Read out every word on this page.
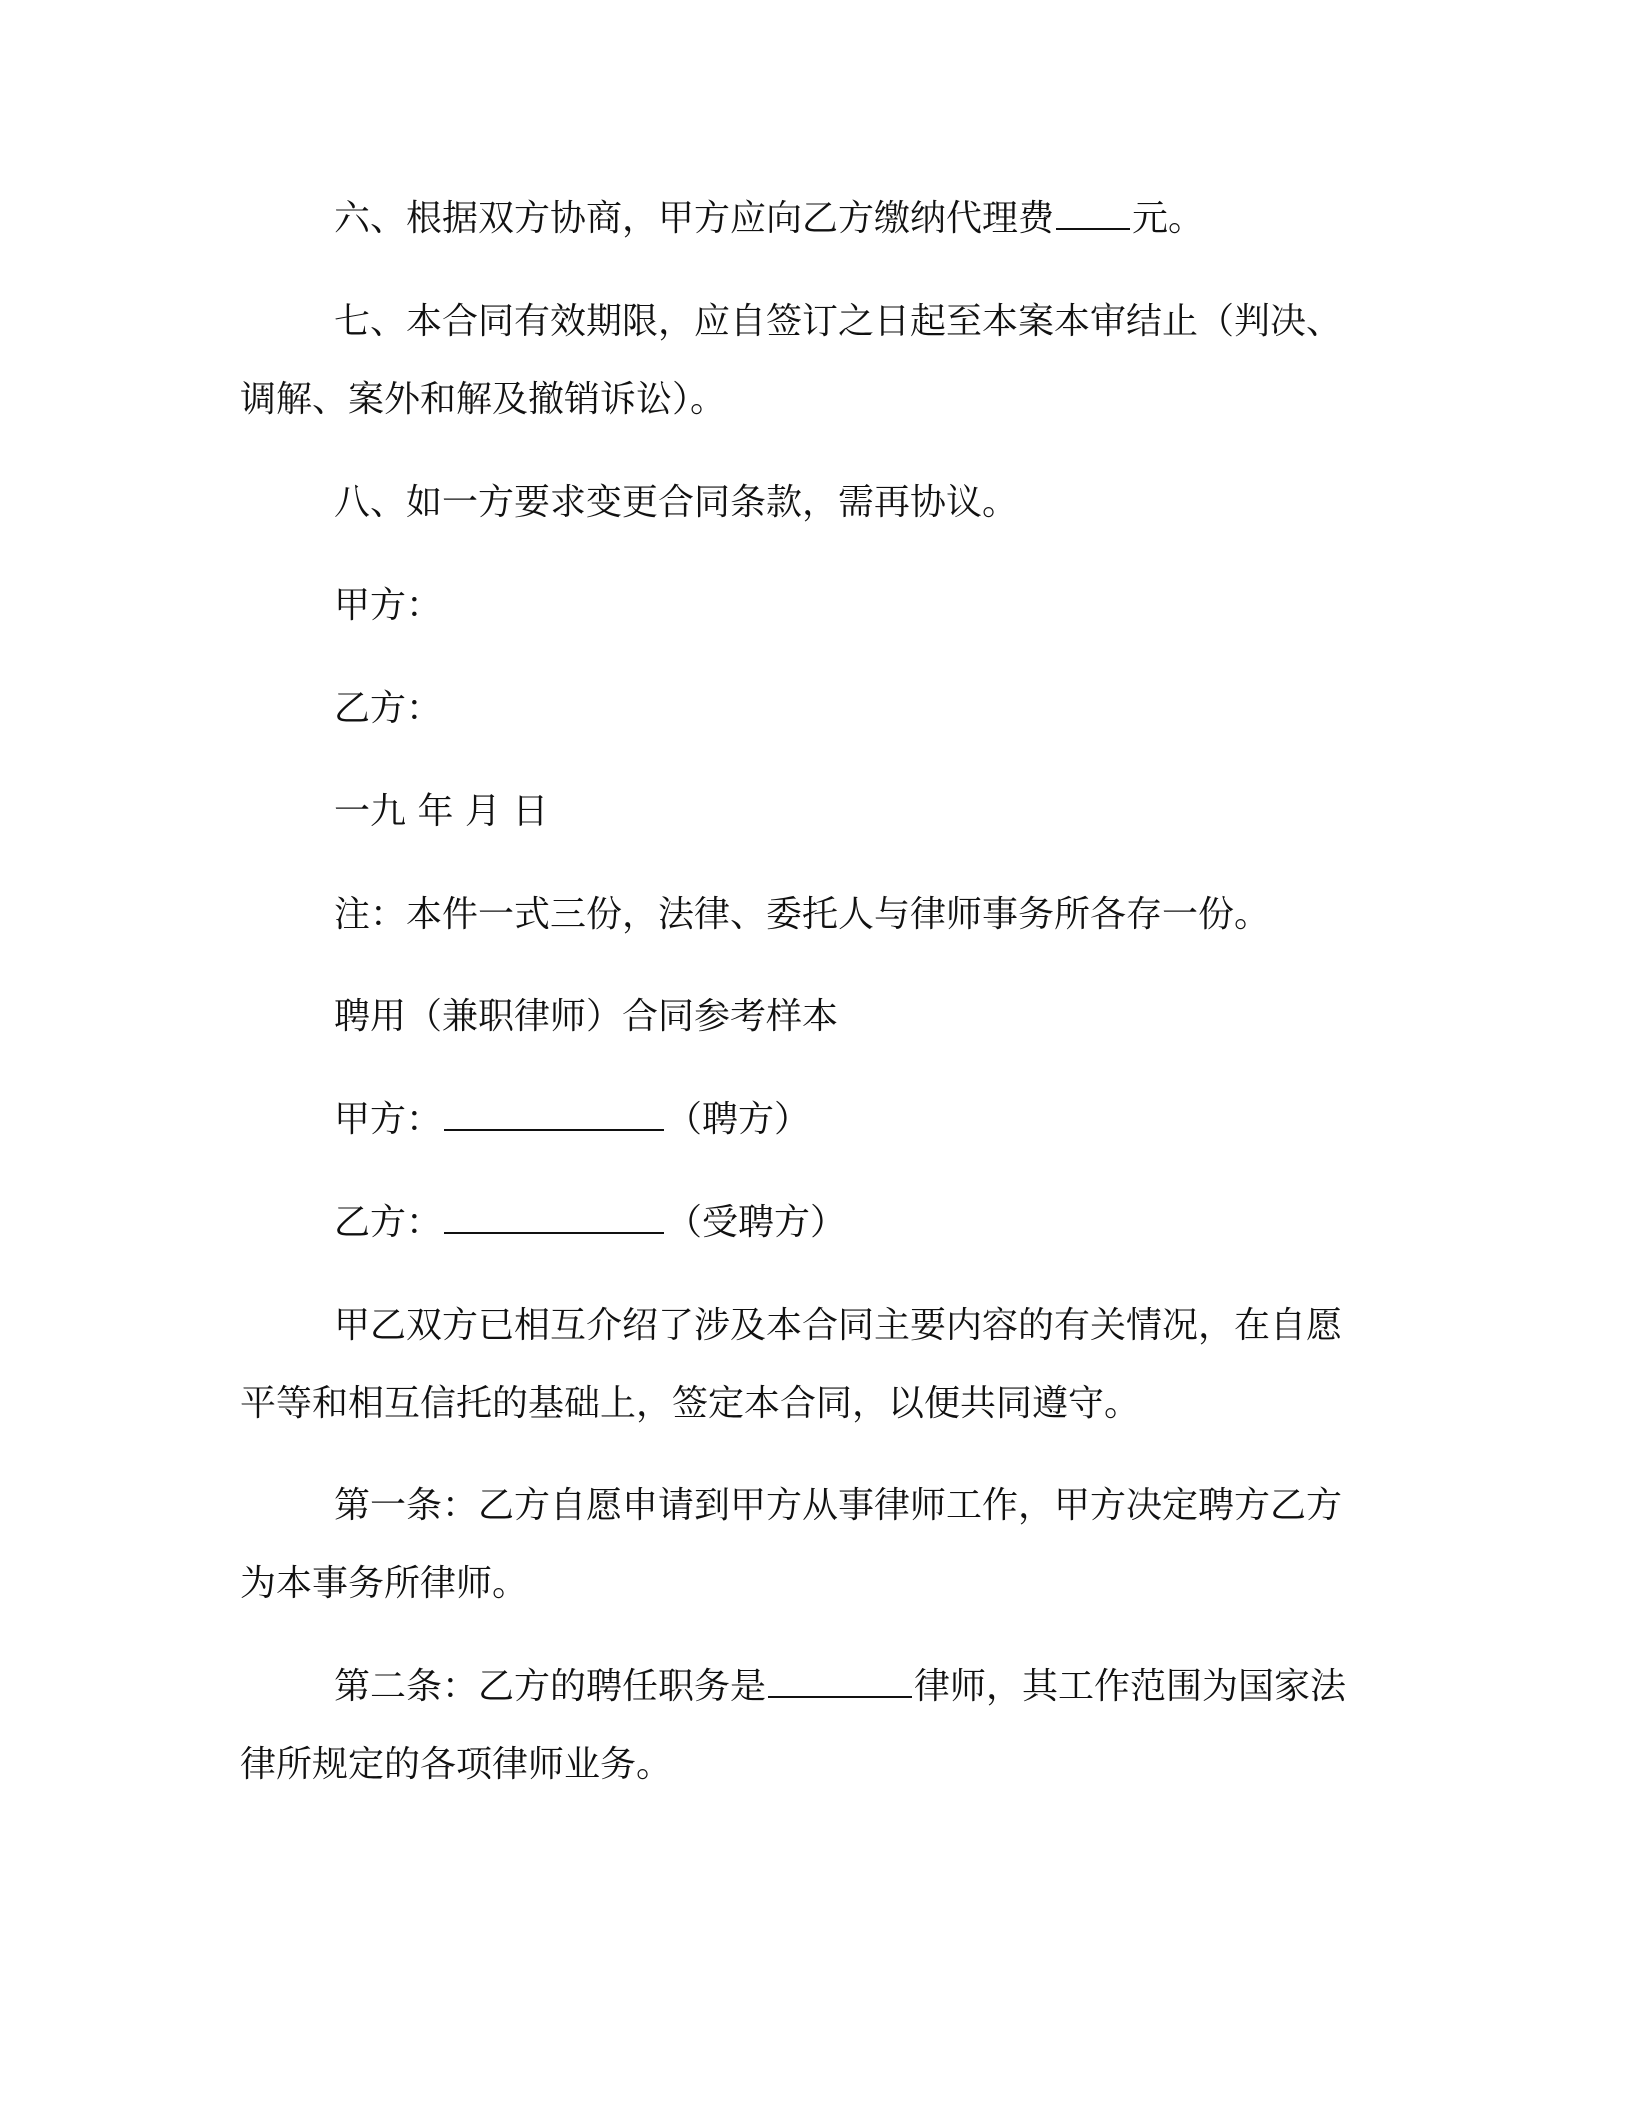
六、根据双方协商，甲方应向乙方缴纳代理费 元。

七、本合同有效期限，应自签订之日起至本案本审结止（判决、

调解、案外和解及撤销诉讼）。

八、如一方要求变更合同条款，需再协议。

甲方：

乙方：

一九 年 月 日

注：本件一式三份，法律、委托人与律师事务所各存一份。

聘用（兼职律师）合同参考样本

甲方：	（聘方）

乙方：	（受聘方）

甲乙双方已相互介绍了涉及本合同主要内容的有关情况，在自愿

平等和相互信托的基础上，签定本合同，以便共同遵守。

第一条：乙方自愿申请到甲方从事律师工作，甲方决定聘方乙方

为本事务所律师。

第二条：乙方的聘任职务是	律师，其工作范围为国家法

律所规定的各项律师业务。
